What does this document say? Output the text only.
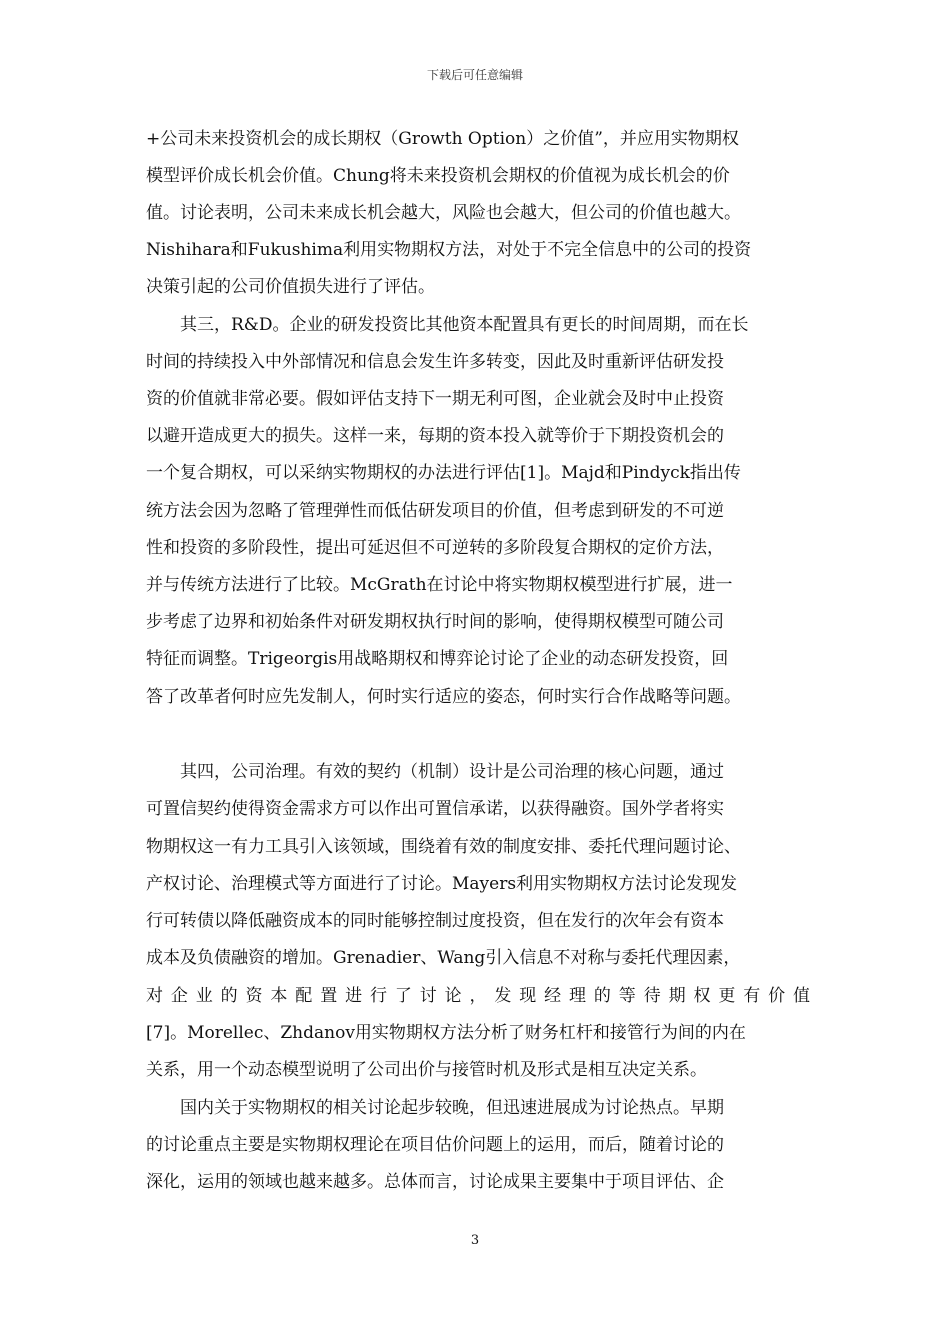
下载后可任意编辑
+公司未来投资机会的成长期权（Growth Option）之价值”，并应用实物期权
模型评价成长机会价值。Chung将未来投资机会期权的价值视为成长机会的价
值。讨论表明，公司未来成长机会越大，风险也会越大，但公司的价值也越大。
Nishihara和Fukushima利用实物期权方法，对处于不完全信息中的公司的投资
决策引起的公司价值损失进行了评估。
其三，R&D。企业的研发投资比其他资本配置具有更长的时间周期，而在长
时间的持续投入中外部情况和信息会发生许多转变，因此及时重新评估研发投
资的价值就非常必要。假如评估支持下一期无利可图，企业就会及时中止投资
以避开造成更大的损失。这样一来，每期的资本投入就等价于下期投资机会的
一个复合期权，可以采纳实物期权的办法进行评估[1]。Majd和Pindyck指出传
统方法会因为忽略了管理弹性而低估研发项目的价值，但考虑到研发的不可逆
性和投资的多阶段性，提出可延迟但不可逆转的多阶段复合期权的定价方法，
并与传统方法进行了比较。McGrath在讨论中将实物期权模型进行扩展，进一
步考虑了边界和初始条件对研发期权执行时间的影响，使得期权模型可随公司
特征而调整。Trigeorgis用战略期权和博弈论讨论了企业的动态研发投资，回
答了改革者何时应先发制人，何时实行适应的姿态，何时实行合作战略等问题。
其四，公司治理。有效的契约（机制）设计是公司治理的核心问题，通过
可置信契约使得资金需求方可以作出可置信承诺，以获得融资。国外学者将实
物期权这一有力工具引入该领域，围绕着有效的制度安排、委托代理问题讨论、
产权讨论、治理模式等方面进行了讨论。Mayers利用实物期权方法讨论发现发
行可转债以降低融资成本的同时能够控制过度投资，但在发行的次年会有资本
成本及负债融资的增加。Grenadier、Wang引入信息不对称与委托代理因素，
对企业的资本配置进行了讨论，发现经理的等待期权更有价值
[7]。Morellec、Zhdanov用实物期权方法分析了财务杠杆和接管行为间的内在
关系，用一个动态模型说明了公司出价与接管时机及形式是相互决定关系。
国内关于实物期权的相关讨论起步较晚，但迅速进展成为讨论热点。早期
的讨论重点主要是实物期权理论在项目估价问题上的运用，而后，随着讨论的
深化，运用的领域也越来越多。总体而言，讨论成果主要集中于项目评估、企
3
